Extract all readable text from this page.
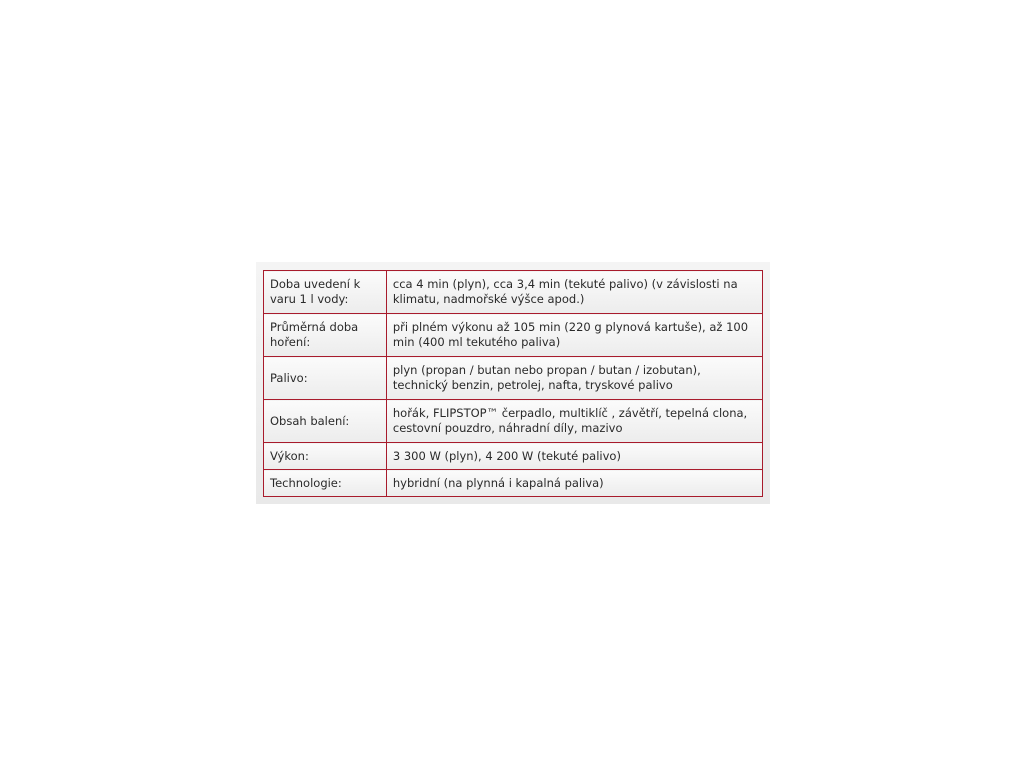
Doba uvedení k varu 1 l vody:	cca 4 min (plyn), cca 3,4 min (tekuté palivo) (v závislosti na klimatu, nadmořské výšce apod.)
Průměrná doba hoření:	při plném výkonu až 105 min (220 g plynová kartuše), až 100 min (400 ml tekutého paliva)
Palivo:	plyn (propan / butan nebo propan / butan / izobutan), technický benzin, petrolej, nafta, tryskové palivo
Obsah balení:	hořák, FLIPSTOP™ čerpadlo, multiklíč , závětří, tepelná clona, cestovní pouzdro, náhradní díly, mazivo
Výkon:	3 300 W (plyn), 4 200 W (tekuté palivo)
Technologie:	hybridní (na plynná i kapalná paliva)
